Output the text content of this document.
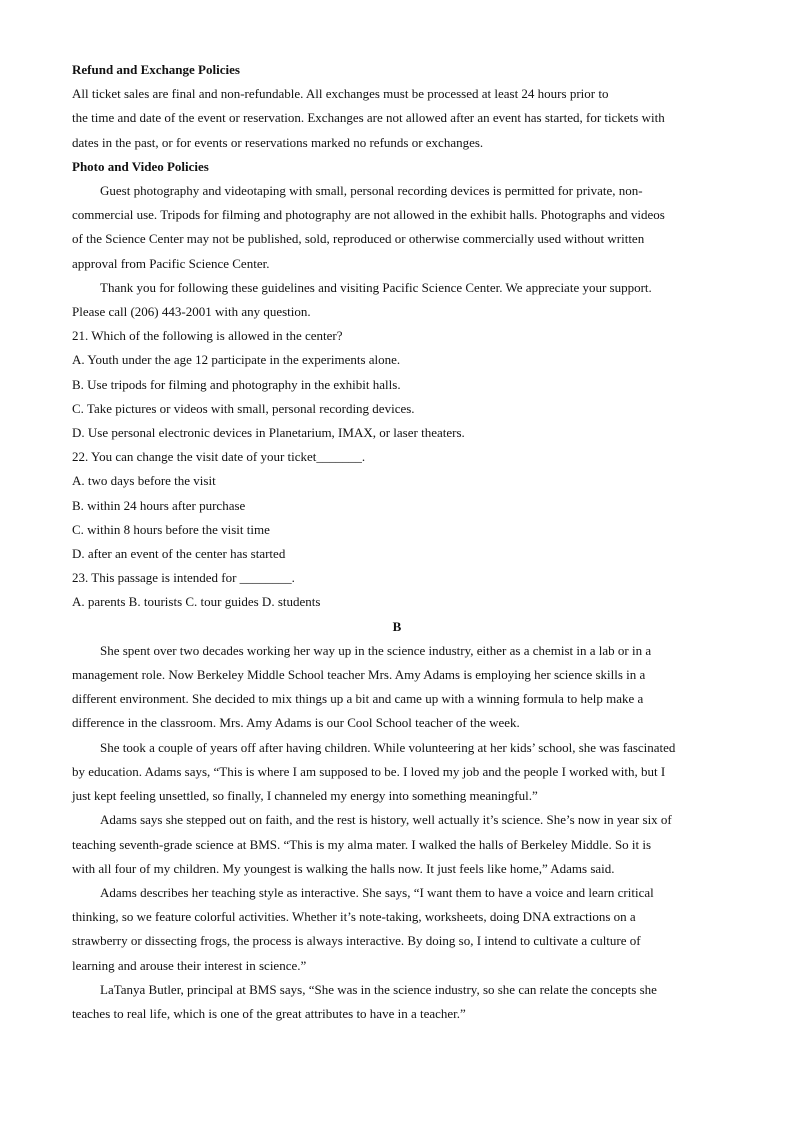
Refund and Exchange Policies

All ticket sales are final and non-refundable. All exchanges must be processed at least 24 hours prior to

the time and date of the event or reservation. Exchanges are not allowed after an event has started, for tickets with

dates in the past, or for events or reservations marked no refunds or exchanges.

Photo and Video Policies

Guest photography and videotaping with small, personal recording devices is permitted for private, non-

commercial use. Tripods for filming and photography are not allowed in the exhibit halls. Photographs and videos

of the Science Center may not be published, sold, reproduced or otherwise commercially used without written

approval from Pacific Science Center.

Thank you for following these guidelines and visiting Pacific Science Center. We appreciate your support.

Please call (206) 443-2001 with any question.

21. Which of the following is allowed in the center?

A. Youth under the age 12 participate in the experiments alone.

B. Use tripods for filming and photography in the exhibit halls.

C. Take pictures or videos with small, personal recording devices.

D. Use personal electronic devices in Planetarium, IMAX, or laser theaters.

22. You can change the visit date of your ticket_______.

A. two days before the visit

B. within 24 hours after purchase

C. within 8 hours before the visit time

D. after an event of the center has started

23. This passage is intended for ________.

A. parents B. tourists C. tour guides D. students

B

She spent over two decades working her way up in the science industry, either as a chemist in a lab or in a

management role. Now Berkeley Middle School teacher Mrs. Amy Adams is employing her science skills in a

different environment. She decided to mix things up a bit and came up with a winning formula to help make a

difference in the classroom. Mrs. Amy Adams is our Cool School teacher of the week.

She took a couple of years off after having children. While volunteering at her kids’ school, she was fascinated

by education. Adams says, “This is where I am supposed to be. I loved my job and the people I worked with, but I

just kept feeling unsettled, so finally, I channeled my energy into something meaningful.”

Adams says she stepped out on faith, and the rest is history, well actually it’s science. She’s now in year six of

teaching seventh-grade science at BMS. “This is my alma mater. I walked the halls of Berkeley Middle. So it is

with all four of my children. My youngest is walking the halls now. It just feels like home,” Adams said.

Adams describes her teaching style as interactive. She says, “I want them to have a voice and learn critical

thinking, so we feature colorful activities. Whether it’s note-taking, worksheets, doing DNA extractions on a

strawberry or dissecting frogs, the process is always interactive. By doing so, I intend to cultivate a culture of

learning and arouse their interest in science.”

LaTanya Butler, principal at BMS says, “She was in the science industry, so she can relate the concepts she

teaches to real life, which is one of the great attributes to have in a teacher.”
